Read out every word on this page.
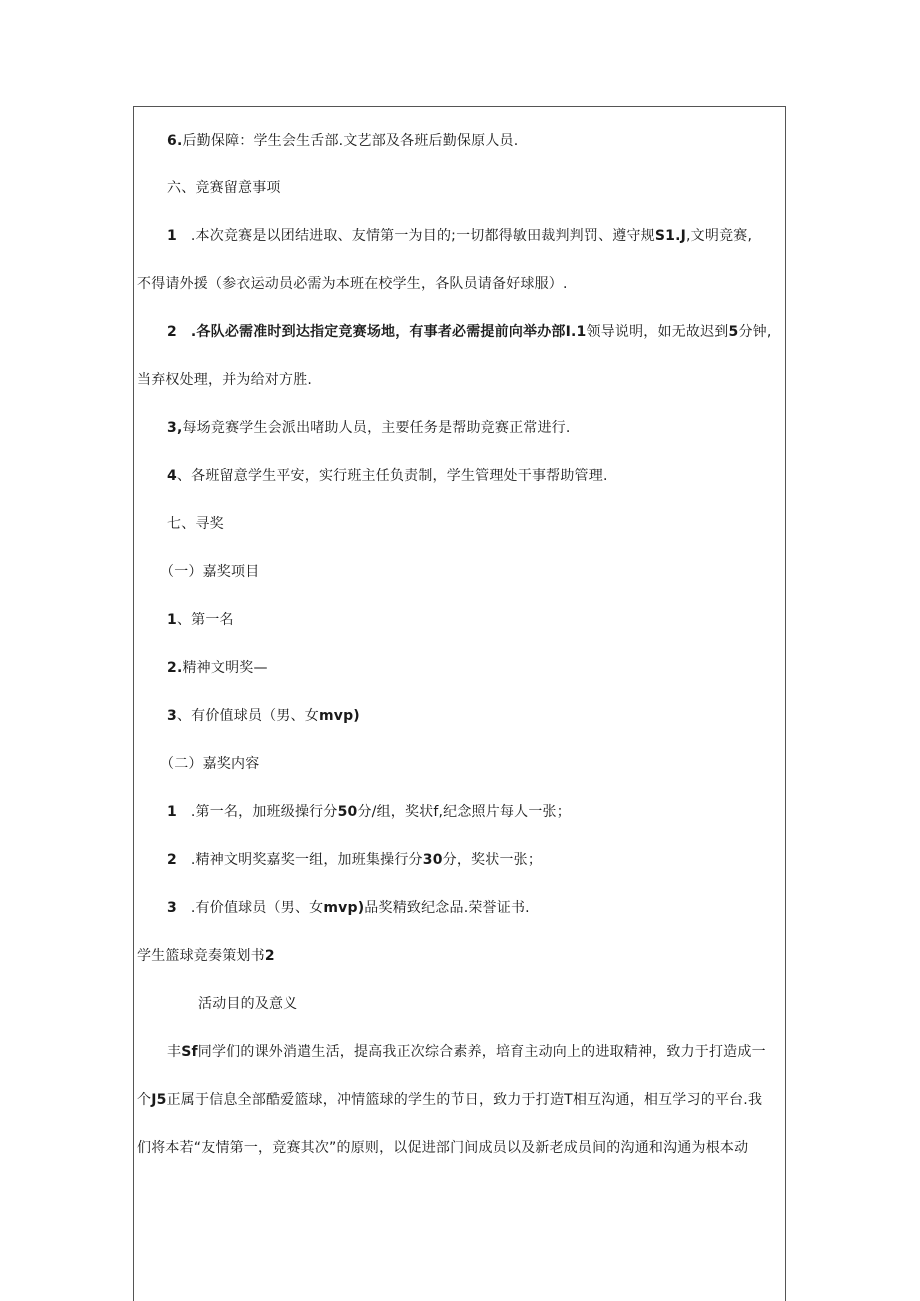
6.后勤保障：学生会生舌部.文艺部及各班后勤保原人员.
六、竞赛留意事项
1 .本次竞赛是以团结进取、友情第一为目的;一切都得敏田裁判判罚、遵守规S1.J,文明竞赛,
不得请外援（参衣运动员必需为本班在校学生，各队员请备好球服）.
2 .各队必需准时到达指定竞赛场地，有事者必需提前向举办部I.1领导说明，如无故迟到5分钟,
当弃权处理，并为给对方胜.
3,每场竞赛学生会派出啫助人员，主要任务是帮助竞赛正常进行.
4、各班留意学生平安，实行班主任负责制，学生管理处干事帮助管理.
七、寻奖
（一）嘉奖项目
1、第一名
2.精神文明奖—
3、有价值球员（男、女mvp)
（二）嘉奖内容
1 .第一名，加班级操行分50分/组，奖状f,纪念照片每人一张；
2 .精神文明奖嘉奖一组，加班集操行分30分，奖状一张；
3 .有价值球员（男、女mvp)品奖精致纪念品.荣誉证书.
学生篮球竞奏策划书2
活动目的及意义
丰Sf同学们的课外消遣生活，提高我正次综合素养，培育主动向上的进取精神，致力于打造成一
个J5正属于信息全部酷爱篮球，冲情篮球的学生的节日，致力于打造T相互沟通，相互学习的平台.我
们将本若“友情第一，竞赛其次”的原则，以促进部门间成员以及新老成员间的沟通和沟通为根本动
